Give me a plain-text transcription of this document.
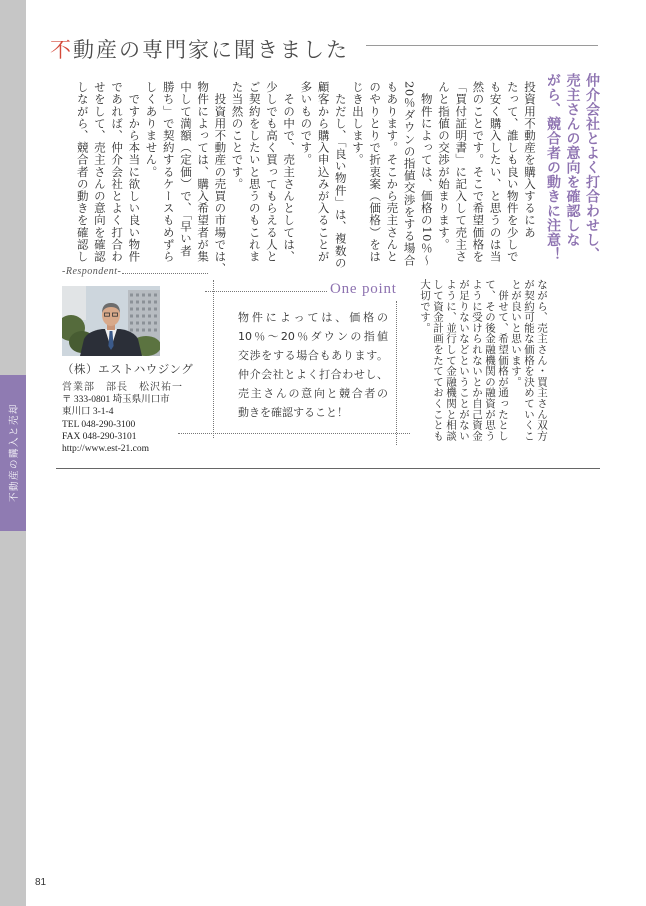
不動産の購入と売却
不動産の専門家に聞きました
仲介会社とよく打合わせし、
売主さんの意向を確認しな
がら、競合者の動きに注意！
投資用不動産を購入するにあ
たって、誰しも良い物件を少しで
も安く購入したい、と思うのは当
然のことです。そこで希望価格を
「買付証明書」に記入して売主さ
んと指値の交渉が始まります。
　物件によっては、価格の10％～
20％ダウンの指値交渉をする場合
もあります。そこから売主さんと
のやりとりで折衷案（価格）をは
じき出します。
　ただし、「良い物件」は、複数の
顧客から購入申込みが入ることが
多いものです。
　その中で、売主さんとしては、
少しでも高く買ってもらえる人と
ご契約をしたいと思うのもこれま
た当然のことです。
　投資用不動産の売買の市場では、
物件によっては、購入希望者が集
中して満額（定価）で、「早い者
勝ち」で契約するケースもめずら
しくありません。
　ですから本当に欲しい良い物件
であれば、仲介会社とよく打合わ
せをして、売主さんの意向を確認
しながら、競合者の動きを確認し
ながら、売主さん・買主さん双方
が契約可能な価格を決めていくこ
とが良いと思います。
　併せて、希望価格が通ったとし
て、その後金融機関の融資が思う
ように受けられないとか自己資金
が足りないなどということがない
ように、並行して金融機関と相談
して資金計画をたてておくことも
大切です。
-Respondent-
（株）エストハウジング
営業部　部長　松沢祐一
〒 333-0801 埼玉県川口市
東川口 3-1-4
TEL 048-290-3100
FAX 048-290-3101
http://www.est-21.com
One point
物件によっては、価格の
10％～20％ダウンの指値
交渉をする場合もあります。
仲介会社とよく打合わせし、
売主さんの意向と競合者の
動きを確認すること！
81
